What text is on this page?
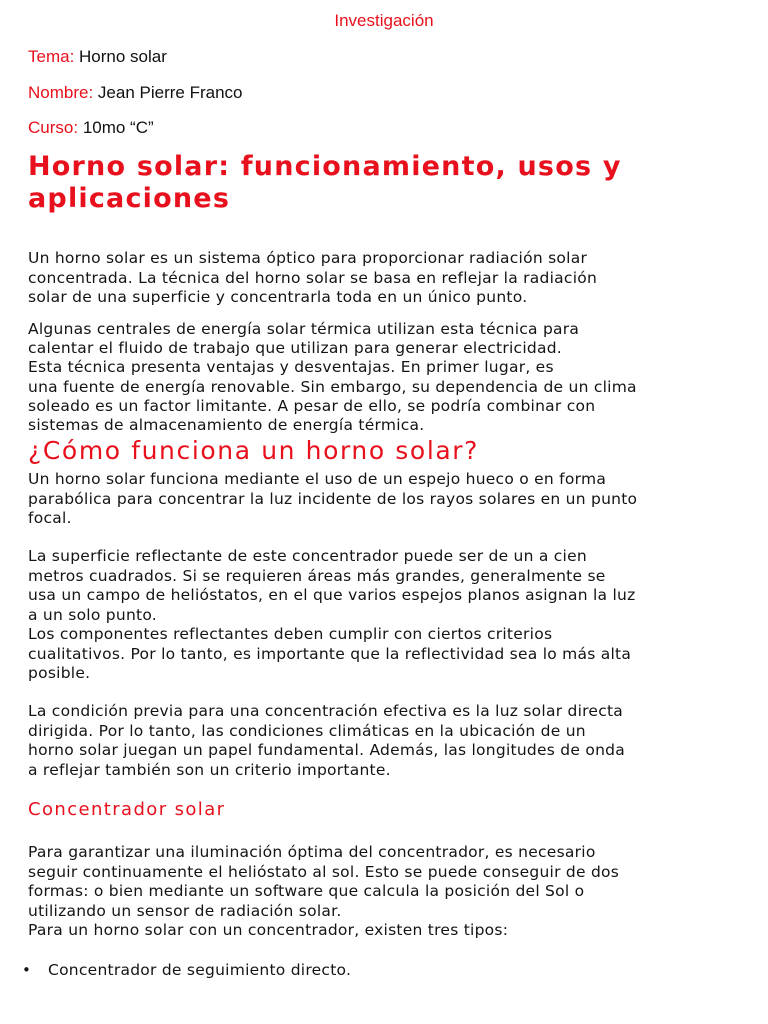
Investigación
Tema: Horno solar
Nombre: Jean Pierre Franco
Curso: 10mo “C”
Horno solar: funcionamiento, usos y aplicaciones

Un horno solar es un sistema óptico para proporcionar radiación solar
concentrada. La técnica del horno solar se basa en reflejar la radiación
solar de una superficie y concentrarla toda en un único punto.

Algunas centrales de energía solar térmica utilizan esta técnica para
calentar el fluido de trabajo que utilizan para generar electricidad.
Esta técnica presenta ventajas y desventajas. En primer lugar, es
una fuente de energía renovable. Sin embargo, su dependencia de un clima
soleado es un factor limitante. A pesar de ello, se podría combinar con
sistemas de almacenamiento de energía térmica.

¿Cómo funciona un horno solar?

Un horno solar funciona mediante el uso de un espejo hueco o en forma
parabólica para concentrar la luz incidente de los rayos solares en un punto
focal.

La superficie reflectante de este concentrador puede ser de un a cien
metros cuadrados. Si se requieren áreas más grandes, generalmente se
usa un campo de helióstatos, en el que varios espejos planos asignan la luz
a un solo punto.
Los componentes reflectantes deben cumplir con ciertos criterios
cualitativos. Por lo tanto, es importante que la reflectividad sea lo más alta
posible.

La condición previa para una concentración efectiva es la luz solar directa
dirigida. Por lo tanto, las condiciones climáticas en la ubicación de un
horno solar juegan un papel fundamental. Además, las longitudes de onda
a reflejar también son un criterio importante.

Concentrador solar

Para garantizar una iluminación óptima del concentrador, es necesario
seguir continuamente el helióstato al sol. Esto se puede conseguir de dos
formas: o bien mediante un software que calcula la posición del Sol o
utilizando un sensor de radiación solar.
Para un horno solar con un concentrador, existen tres tipos:

• Concentrador de seguimiento directo.
